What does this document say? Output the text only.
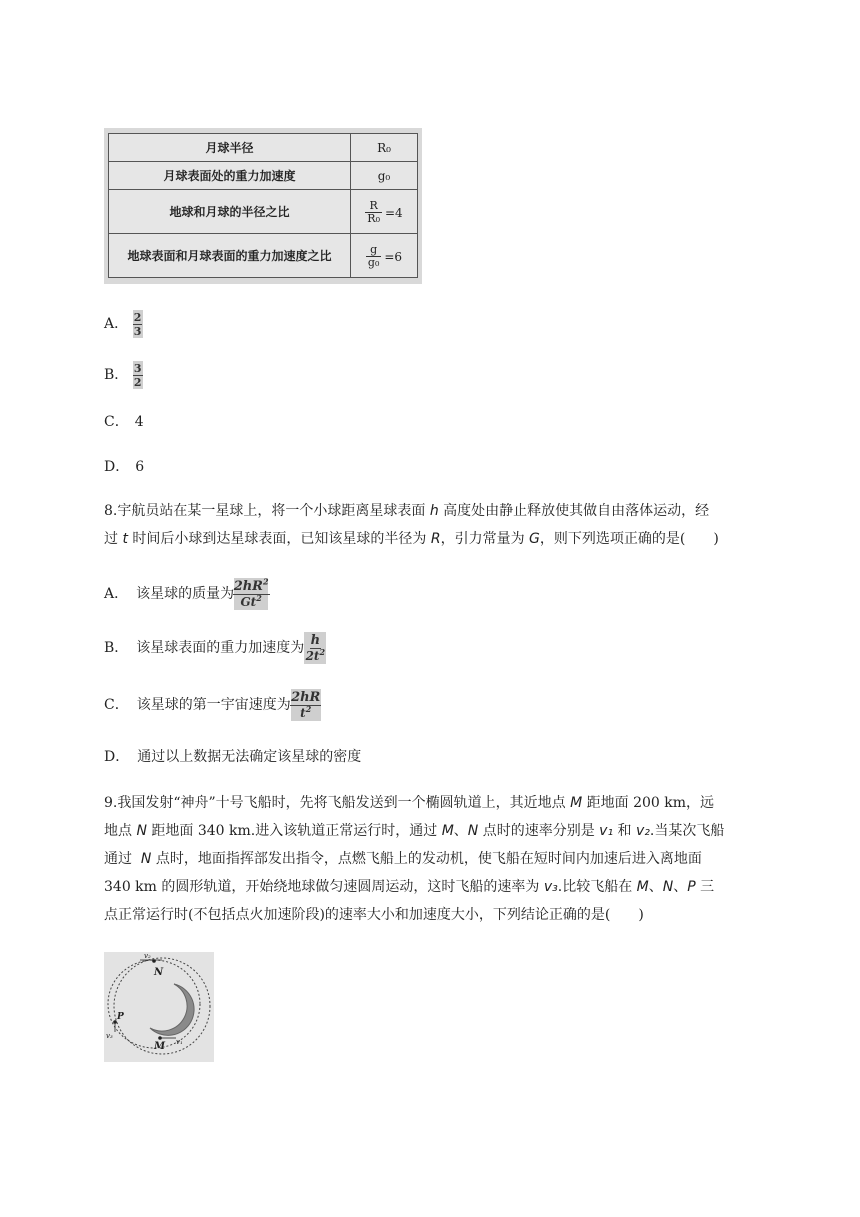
月球半径	R₀
月球表面处的重力加速度	g₀
地球和月球的半径之比	$\frac{R}{\text{R₀}} =4$

地球表面和月球表面的重力加速度之比	$\frac{g}{\text{g₀}} =6$
A． $\frac{2}{3}$
B． $\frac{3}{2}$
C． 4
D． 6
8.宇航员站在某一星球上，将一个小球距离星球表面 h 高度处由静止释放使其做自由落体运动，经
过 t 时间后小球到达星球表面，已知该星球的半径为 R，引力常量为 G，则下列选项正确的是(　　)
A． 该星球的质量为 $\frac{2hR^2}{Gt^2}$
B． 该星球表面的重力加速度为 $\frac{h}{2t^2}$
C． 该星球的第一宇宙速度为 $\frac{2hR}{t^2}$
D． 通过以上数据无法确定该星球的密度
9.我国发射“神舟”十号飞船时，先将飞船发送到一个椭圆轨道上，其近地点 M 距地面 200 km，远
地点 N 距地面 340 km.进入该轨道正常运行时，通过 M、N 点时的速率分别是 v₁ 和 v₂.当某次飞船
通过 N 点时，地面指挥部发出指令，点燃飞船上的发动机，使飞船在短时间内加速后进入离地面
340 km 的圆形轨道，开始绕地球做匀速圆周运动，这时飞船的速率为 v₃.比较飞船在 M、N、P 三
点正常运行时(不包括点火加速阶段)的速率大小和加速度大小，下列结论正确的是(　　)
N
M
P
v₂
v₁
v₃
